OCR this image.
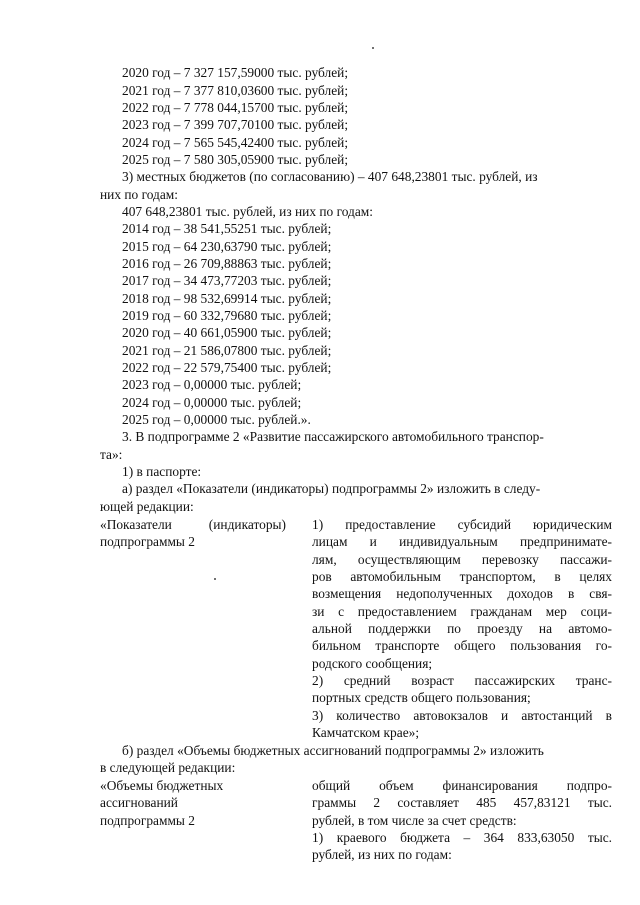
2020 год – 7 327 157,59000 тыс. рублей;
2021 год – 7 377 810,03600 тыс. рублей;
2022 год – 7 778 044,15700 тыс. рублей;
2023 год – 7 399 707,70100 тыс. рублей;
2024 год – 7 565 545,42400 тыс. рублей;
2025 год – 7 580 305,05900 тыс. рублей;
3) местных бюджетов (по согласованию) – 407 648,23801 тыс. рублей, из
них по годам:
407 648,23801 тыс. рублей, из них по годам:
2014 год – 38 541,55251 тыс. рублей;
2015 год – 64 230,63790 тыс. рублей;
2016 год – 26 709,88863 тыс. рублей;
2017 год – 34 473,77203 тыс. рублей;
2018 год – 98 532,69914 тыс. рублей;
2019 год – 60 332,79680 тыс. рублей;
2020 год – 40 661,05900 тыс. рублей;
2021 год – 21 586,07800 тыс. рублей;
2022 год – 22 579,75400 тыс. рублей;
2023 год – 0,00000 тыс. рублей;
2024 год – 0,00000 тыс. рублей;
2025 год – 0,00000 тыс. рублей.».
3. В подпрограмме 2 «Развитие пассажирского автомобильного транспор-
та»:
1) в паспорте:
а) раздел «Показатели (индикаторы) подпрограммы 2» изложить в следу-
ющей редакции:
«Показатели (индикаторы)
подпрограммы 2
1) предоставление субсидий юридическим
лицам и индивидуальным предпринимате-
лям, осуществляющим перевозку пассажи-
ров автомобильным транспортом, в целях
возмещения недополученных доходов в свя-
зи с предоставлением гражданам мер соци-
альной поддержки по проезду на автомо-
бильном транспорте общего пользования го-
родского сообщения;
2) средний возраст пассажирских транс-
портных средств общего пользования;
3) количество автовокзалов и автостанций в
Камчатском крае»;
б) раздел «Объемы бюджетных ассигнований подпрограммы 2» изложить
в следующей редакции:
«Объемы бюджетных
ассигнований
подпрограммы 2
общий объем финансирования подпро-
граммы 2 составляет 485 457,83121 тыс.
рублей, в том числе за счет средств:
1) краевого бюджета – 364 833,63050 тыс.
рублей, из них по годам:
